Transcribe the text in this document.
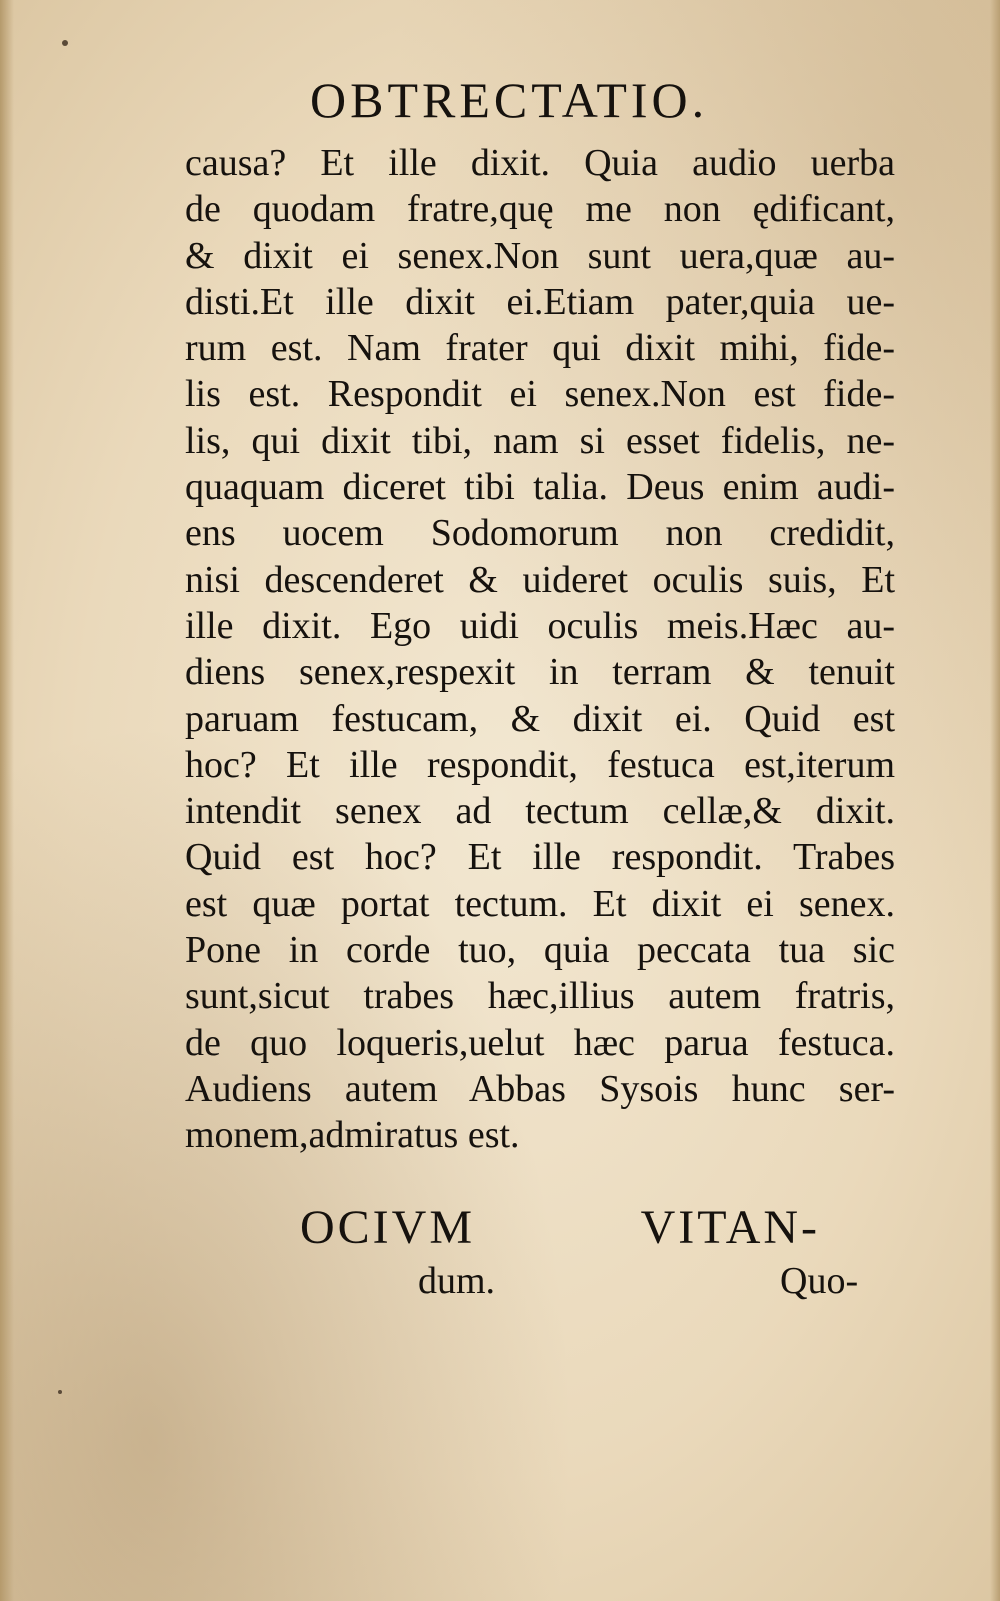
OBTRECTATIO.
causa? Et ille dixit. Quia audio uerba
de quodam fratre,quę me non ędificant,
& dixit ei senex.Non sunt uera,quæ au-
disti.Et ille dixit ei.Etiam pater,quia ue-
rum est. Nam frater qui dixit mihi, fide-
lis est. Respondit ei senex.Non est fide-
lis, qui dixit tibi, nam si esset fidelis, ne-
quaquam diceret tibi talia. Deus enim audi-
ens uocem Sodomorum non credidit,
nisi descenderet & uideret oculis suis, Et
ille dixit. Ego uidi oculis meis.Hæc au-
diens senex,respexit in terram & tenuit
paruam festucam, & dixit ei. Quid est
hoc? Et ille respondit, festuca est,iterum
intendit senex ad tectum cellæ,& dixit.
Quid est hoc? Et ille respondit. Trabes
est quæ portat tectum. Et dixit ei senex.
Pone in corde tuo, quia peccata tua sic
sunt,sicut trabes hæc,illius autem fratris,
de quo loqueris,uelut hæc parua festuca.
Audiens autem Abbas Sysois hunc ser-
monem,admiratus est.
OCIVM VITAN-
dum.	Quo-
